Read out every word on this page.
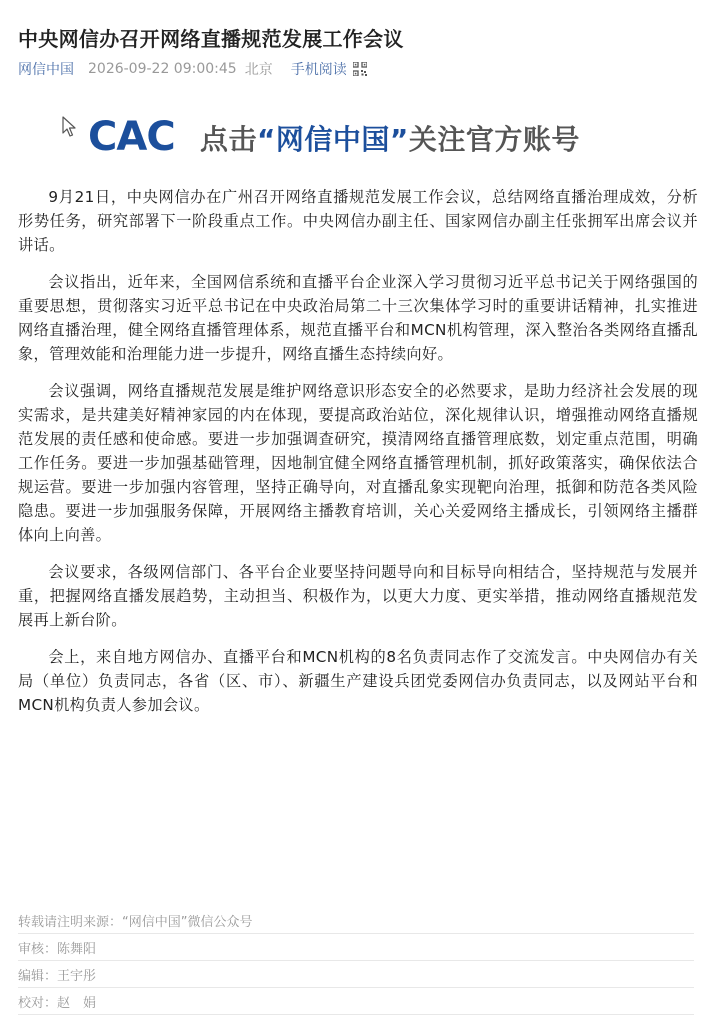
中央网信办召开网络直播规范发展工作会议
网信中国 2026-09-22 09:00:45 北京 手机阅读
CAC 点击“网信中国”关注官方账号

9月21日，中央网信办在广州召开网络直播规范发展工作会议，总结网络直播治理成效，分析形势任务，研究部署下一阶段重点工作。中央网信办副主任、国家网信办副主任张拥军出席会议并讲话。

会议指出，近年来，全国网信系统和直播平台企业深入学习贯彻习近平总书记关于网络强国的重要思想，贯彻落实习近平总书记在中央政治局第二十三次集体学习时的重要讲话精神，扎实推进网络直播治理，健全网络直播管理体系，规范直播平台和MCN机构管理，深入整治各类网络直播乱象，管理效能和治理能力进一步提升，网络直播生态持续向好。

会议强调，网络直播规范发展是维护网络意识形态安全的必然要求，是助力经济社会发展的现实需求，是共建美好精神家园的内在体现，要提高政治站位，深化规律认识，增强推动网络直播规范发展的责任感和使命感。要进一步加强调查研究，摸清网络直播管理底数，划定重点范围，明确工作任务。要进一步加强基础管理，因地制宜健全网络直播管理机制，抓好政策落实，确保依法合规运营。要进一步加强内容管理，坚持正确导向，对直播乱象实现靶向治理，抵御和防范各类风险隐患。要进一步加强服务保障，开展网络主播教育培训，关心关爱网络主播成长，引领网络主播群体向上向善。

会议要求，各级网信部门、各平台企业要坚持问题导向和目标导向相结合，坚持规范与发展并重，把握网络直播发展趋势，主动担当、积极作为，以更大力度、更实举措，推动网络直播规范发展再上新台阶。

会上，来自地方网信办、直播平台和MCN机构的8名负责同志作了交流发言。中央网信办有关局（单位）负责同志，各省（区、市）、新疆生产建设兵团党委网信办负责同志，以及网站平台和MCN机构负责人参加会议。

转载请注明来源：“网信中国”微信公众号
审核：陈舞阳
编辑：王宇彤
校对：赵　娟
